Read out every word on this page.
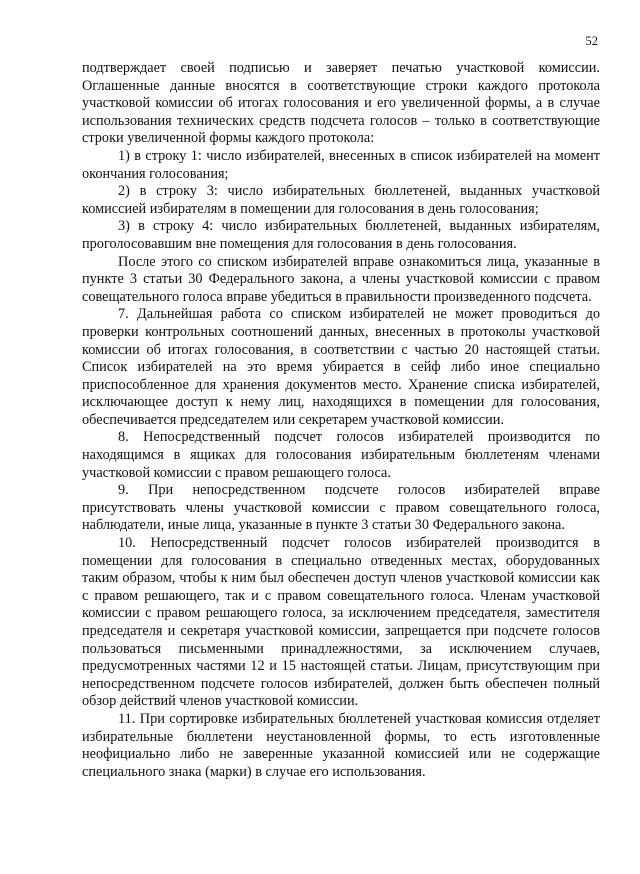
52

подтверждает своей подписью и заверяет печатью участковой комиссии. Оглашенные данные вносятся в соответствующие строки каждого протокола участковой комиссии об итогах голосования и его увеличенной формы, а в случае использования технических средств подсчета голосов – только в соответствующие строки увеличенной формы каждого протокола:

1) в строку 1: число избирателей, внесенных в список избирателей на момент окончания голосования;

2) в строку 3: число избирательных бюллетеней, выданных участковой комиссией избирателям в помещении для голосования в день голосования;

3) в строку 4: число избирательных бюллетеней, выданных избирателям, проголосовавшим вне помещения для голосования в день голосования.

После этого со списком избирателей вправе ознакомиться лица, указанные в пункте 3 статьи 30 Федерального закона, а члены участковой комиссии с правом совещательного голоса вправе убедиться в правильности произведенного подсчета.

7. Дальнейшая работа со списком избирателей не может проводиться до проверки контрольных соотношений данных, внесенных в протоколы участковой комиссии об итогах голосования, в соответствии с частью 20 настоящей статьи. Список избирателей на это время убирается в сейф либо иное специально приспособленное для хранения документов место. Хранение списка избирателей, исключающее доступ к нему лиц, находящихся в помещении для голосования, обеспечивается председателем или секретарем участковой комиссии.

8. Непосредственный подсчет голосов избирателей производится по находящимся в ящиках для голосования избирательным бюллетеням членами участковой комиссии с правом решающего голоса.

9. При непосредственном подсчете голосов избирателей вправе присутствовать члены участковой комиссии с правом совещательного голоса, наблюдатели, иные лица, указанные в пункте 3 статьи 30 Федерального закона.

10. Непосредственный подсчет голосов избирателей производится в помещении для голосования в специально отведенных местах, оборудованных таким образом, чтобы к ним был обеспечен доступ членов участковой комиссии как с правом решающего, так и с правом совещательного голоса. Членам участковой комиссии с правом решающего голоса, за исключением председателя, заместителя председателя и секретаря участковой комиссии, запрещается при подсчете голосов пользоваться письменными принадлежностями, за исключением случаев, предусмотренных частями 12 и 15 настоящей статьи. Лицам, присутствующим при непосредственном подсчете голосов избирателей, должен быть обеспечен полный обзор действий членов участковой комиссии.

11. При сортировке избирательных бюллетеней участковая комиссия отделяет избирательные бюллетени неустановленной формы, то есть изготовленные неофициально либо не заверенные указанной комиссией или не содержащие специального знака (марки) в случае его использования.
